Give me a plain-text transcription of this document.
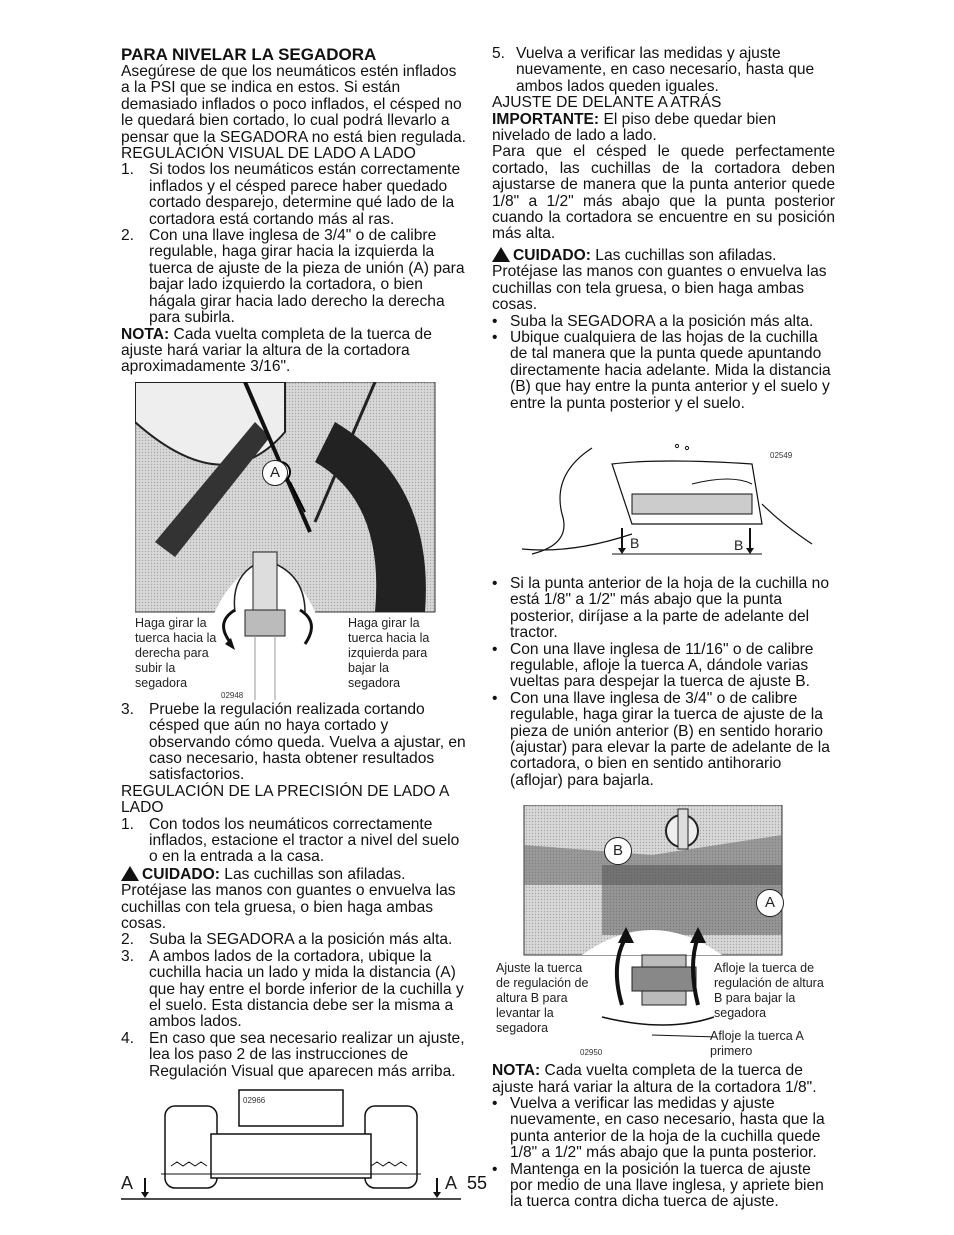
PARA NIVELAR LA SEGADORA

Asegúrese de que los neumáticos estén inflados a la PSI que se indica en estos. Si están demasiado inflados o poco inflados, el césped no le quedará bien cortado, lo cual podrá llevarlo a pensar que la SEGADORA no está bien regulada.

REGULACIÓN VISUAL DE LADO A LADO

1. Si todos los neumáticos están correctamente inflados y el césped parece haber quedado cortado desparejo, determine qué lado de la cortadora está cortando más al ras.
2. Con una llave inglesa de 3/4" o de calibre regulable, haga girar hacia la izquierda la tuerca de ajuste de la pieza de unión (A) para bajar lado izquierdo la cortadora, o bien hágala girar hacia lado derecho la derecha para subirla.

NOTA: Cada vuelta completa de la tuerca de ajuste hará variar la altura de la cortadora aproximadamente 3/16".

A
Haga girar la tuerca hacia la derecha para subir la segadora
Haga girar la tuerca hacia la izquierda para bajar la segadora
02948
3. Pruebe la regulación realizada cortando césped que aún no haya cortado y observando cómo queda. Vuelva a ajustar, en caso necesario, hasta obtener resultados satisfactorios.

REGULACIÓN DE LA PRECISIÓN DE LADO A LADO

1. Con todos los neumáticos correctamente inflados, estacione el tractor a nivel del suelo o en la entrada a la casa.

CUIDADO: Las cuchillas son afiladas. Protéjase las manos con guantes o envuelva las cuchillas con tela gruesa, o bien haga ambas cosas.

2. Suba la SEGADORA a la posición más alta.
3. A ambos lados de la cortadora, ubique la cuchilla hacia un lado y mida la distancia (A) que hay entre el borde inferior de la cuchilla y el suelo. Esta distancia debe ser la misma a ambos lados.
4. En caso que sea necesario realizar un ajuste, lea los paso 2 de las instrucciones de Regulación Visual que aparecen más arriba.
A	A
02966
5. Vuelva a verificar las medidas y ajuste nuevamente, en caso necesario, hasta que ambos lados queden iguales.

AJUSTE DE DELANTE A ATRÁS

IMPORTANTE: El piso debe quedar bien nivelado de lado a lado.

Para que el césped le quede perfectamente cortado, las cuchillas de la cortadora deben ajustarse de manera que la punta anterior quede 1/8" a 1/2" más abajo que la punta posterior cuando la cortadora se encuentre en su posición más alta.

CUIDADO: Las cuchillas son afiladas. Protéjase las manos con guantes o envuelva las cuchillas con tela gruesa, o bien haga ambas cosas.

• Suba la SEGADORA a la posición más alta.
• Ubique cualquiera de las hojas de la cuchilla de tal manera que la punta quede apuntando directamente hacia adelante. Mida la distancia (B) que hay entre la punta anterior y el suelo y entre la punta posterior y el suelo.
B	B
02549
• Si la punta anterior de la hoja de la cuchilla no está 1/8" a 1/2" más abajo que la punta posterior, diríjase a la parte de adelante del tractor.
• Con una llave inglesa de 11/16" o de calibre regulable, afloje la tuerca A, dándole varias vueltas para despejar la tuerca de ajuste B.
• Con una llave inglesa de 3/4" o de calibre regulable, haga girar la tuerca de ajuste de la pieza de unión anterior (B) en sentido horario (ajustar) para elevar la parte de adelante de la cortadora, o bien en sentido antihorario (aflojar) para bajarla.
B
A
Ajuste la tuerca de regulación de altura B para levantar la segadora
Afloje la tuerca de regulación de altura B para bajar la segadora
Afloje la tuerca A primero
02950

NOTA: Cada vuelta completa de la tuerca de ajuste hará variar la altura de la cortadora 1/8".

• Vuelva a verificar las medidas y ajuste nuevamente, en caso necesario, hasta que la punta anterior de la hoja de la cuchilla quede 1/8" a 1/2" más abajo que la punta posterior.
• Mantenga en la posición la tuerca de ajuste por medio de una llave inglesa, y apriete bien la tuerca contra dicha tuerca de ajuste.
55
